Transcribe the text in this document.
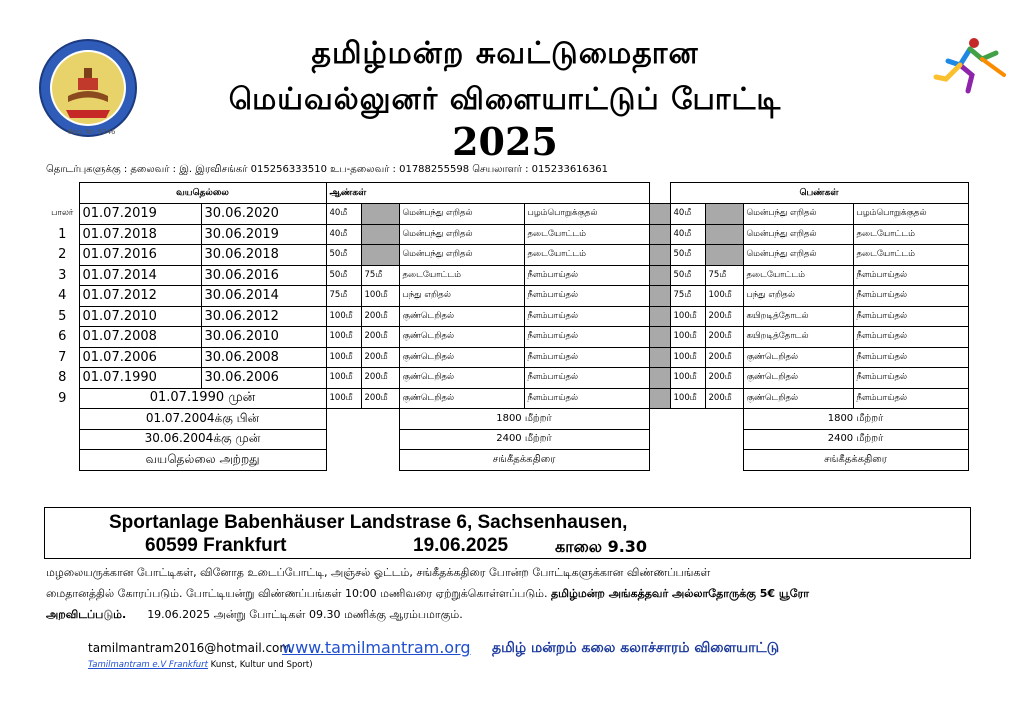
Reg. Nr. 9746
தமிழ்மன்ற சுவட்டுமைதான
மெய்வல்லுனர் விளையாட்டுப் போட்டி
2025
தொடர்புகளுக்கு : தலைவர் : இ. இரவிசங்கர் 015256333510 உப-தலைவர் : 01788255598 செயலாளர் : 015233616361
	வயதெல்லை		ஆண்கள்					பெண்கள்			
பாலர்	01.07.2019	30.06.2020	40மீ		மென்பந்து எறிதல்	பழம்பொறுக்குதல்		40மீ		மென்பந்து எறிதல்	பழம்பொறுக்குதல்
1	01.07.2018	30.06.2019	40மீ		மென்பந்து எறிதல்	தடையோட்டம்		40மீ		மென்பந்து எறிதல்	தடையோட்டம்
2	01.07.2016	30.06.2018	50மீ		மென்பந்து எறிதல்	தடையோட்டம்		50மீ		மென்பந்து எறிதல்	தடையோட்டம்
3	01.07.2014	30.06.2016	50மீ	75மீ	தடையோட்டம்	நீளம்பாய்தல்		50மீ	75மீ	தடையோட்டம்	நீளம்பாய்தல்
4	01.07.2012	30.06.2014	75மீ	100மீ	பந்து எறிதல்	நீளம்பாய்தல்		75மீ	100மீ	பந்து எறிதல்	நீளம்பாய்தல்
5	01.07.2010	30.06.2012	100மீ	200மீ	குண்டெறிதல்	நீளம்பாய்தல்		100மீ	200மீ	கயிறடித்தோடல்	நீளம்பாய்தல்
6	01.07.2008	30.06.2010	100மீ	200மீ	குண்டெறிதல்	நீளம்பாய்தல்		100மீ	200மீ	கயிறடித்தோடல்	நீளம்பாய்தல்
7	01.07.2006	30.06.2008	100மீ	200மீ	குண்டெறிதல்	நீளம்பாய்தல்		100மீ	200மீ	குண்டெறிதல்	நீளம்பாய்தல்
8	01.07.1990	30.06.2006	100மீ	200மீ	குண்டெறிதல்	நீளம்பாய்தல்		100மீ	200மீ	குண்டெறிதல்	நீளம்பாய்தல்
9	01.07.1990 முன்		100மீ	200மீ	குண்டெறிதல்	நீளம்பாய்தல்		100மீ	200மீ	குண்டெறிதல்	நீளம்பாய்தல்
	01.07.2004க்கு பின்				1800 மீற்றர்					1800 மீற்றர்	
	30.06.2004க்கு முன்				2400 மீற்றர்					2400 மீற்றர்	
	வயதெல்லை அற்றது				சங்கீதக்கதிரை					சங்கீதக்கதிரை	
Sportanlage Babenhäuser Landstrase 6, Sachsenhausen,
60599 Frankfurt	19.06.2025	காலை 9.30
மழலையருக்கான போட்டிகள், வினோத உடைப்போட்டி, அஞ்சல் ஓட்டம், சங்கீதக்கதிரை போன்ற போட்டிகளுக்கான விண்ணப்பங்கள்
மைதானத்தில் கோரப்படும். போட்டியன்று விண்ணப்பங்கள் 10:00 மணிவரை ஏற்றுக்கொள்ளப்படும். தமிழ்மன்ற அங்கத்தவர் அல்லாதோருக்கு 5€ யூரோ
அறவிடப்படும். 19.06.2025 அன்று போட்டிகள் 09.30 மணிக்கு ஆரம்பமாகும்.
tamilmantram2016@hotmail.com
www.tamilmantram.org தமிழ் மன்றம் கலை கலாச்சாரம் விளையாட்டு
Tamilmantram e.V Frankfurt Kunst, Kultur und Sport)
